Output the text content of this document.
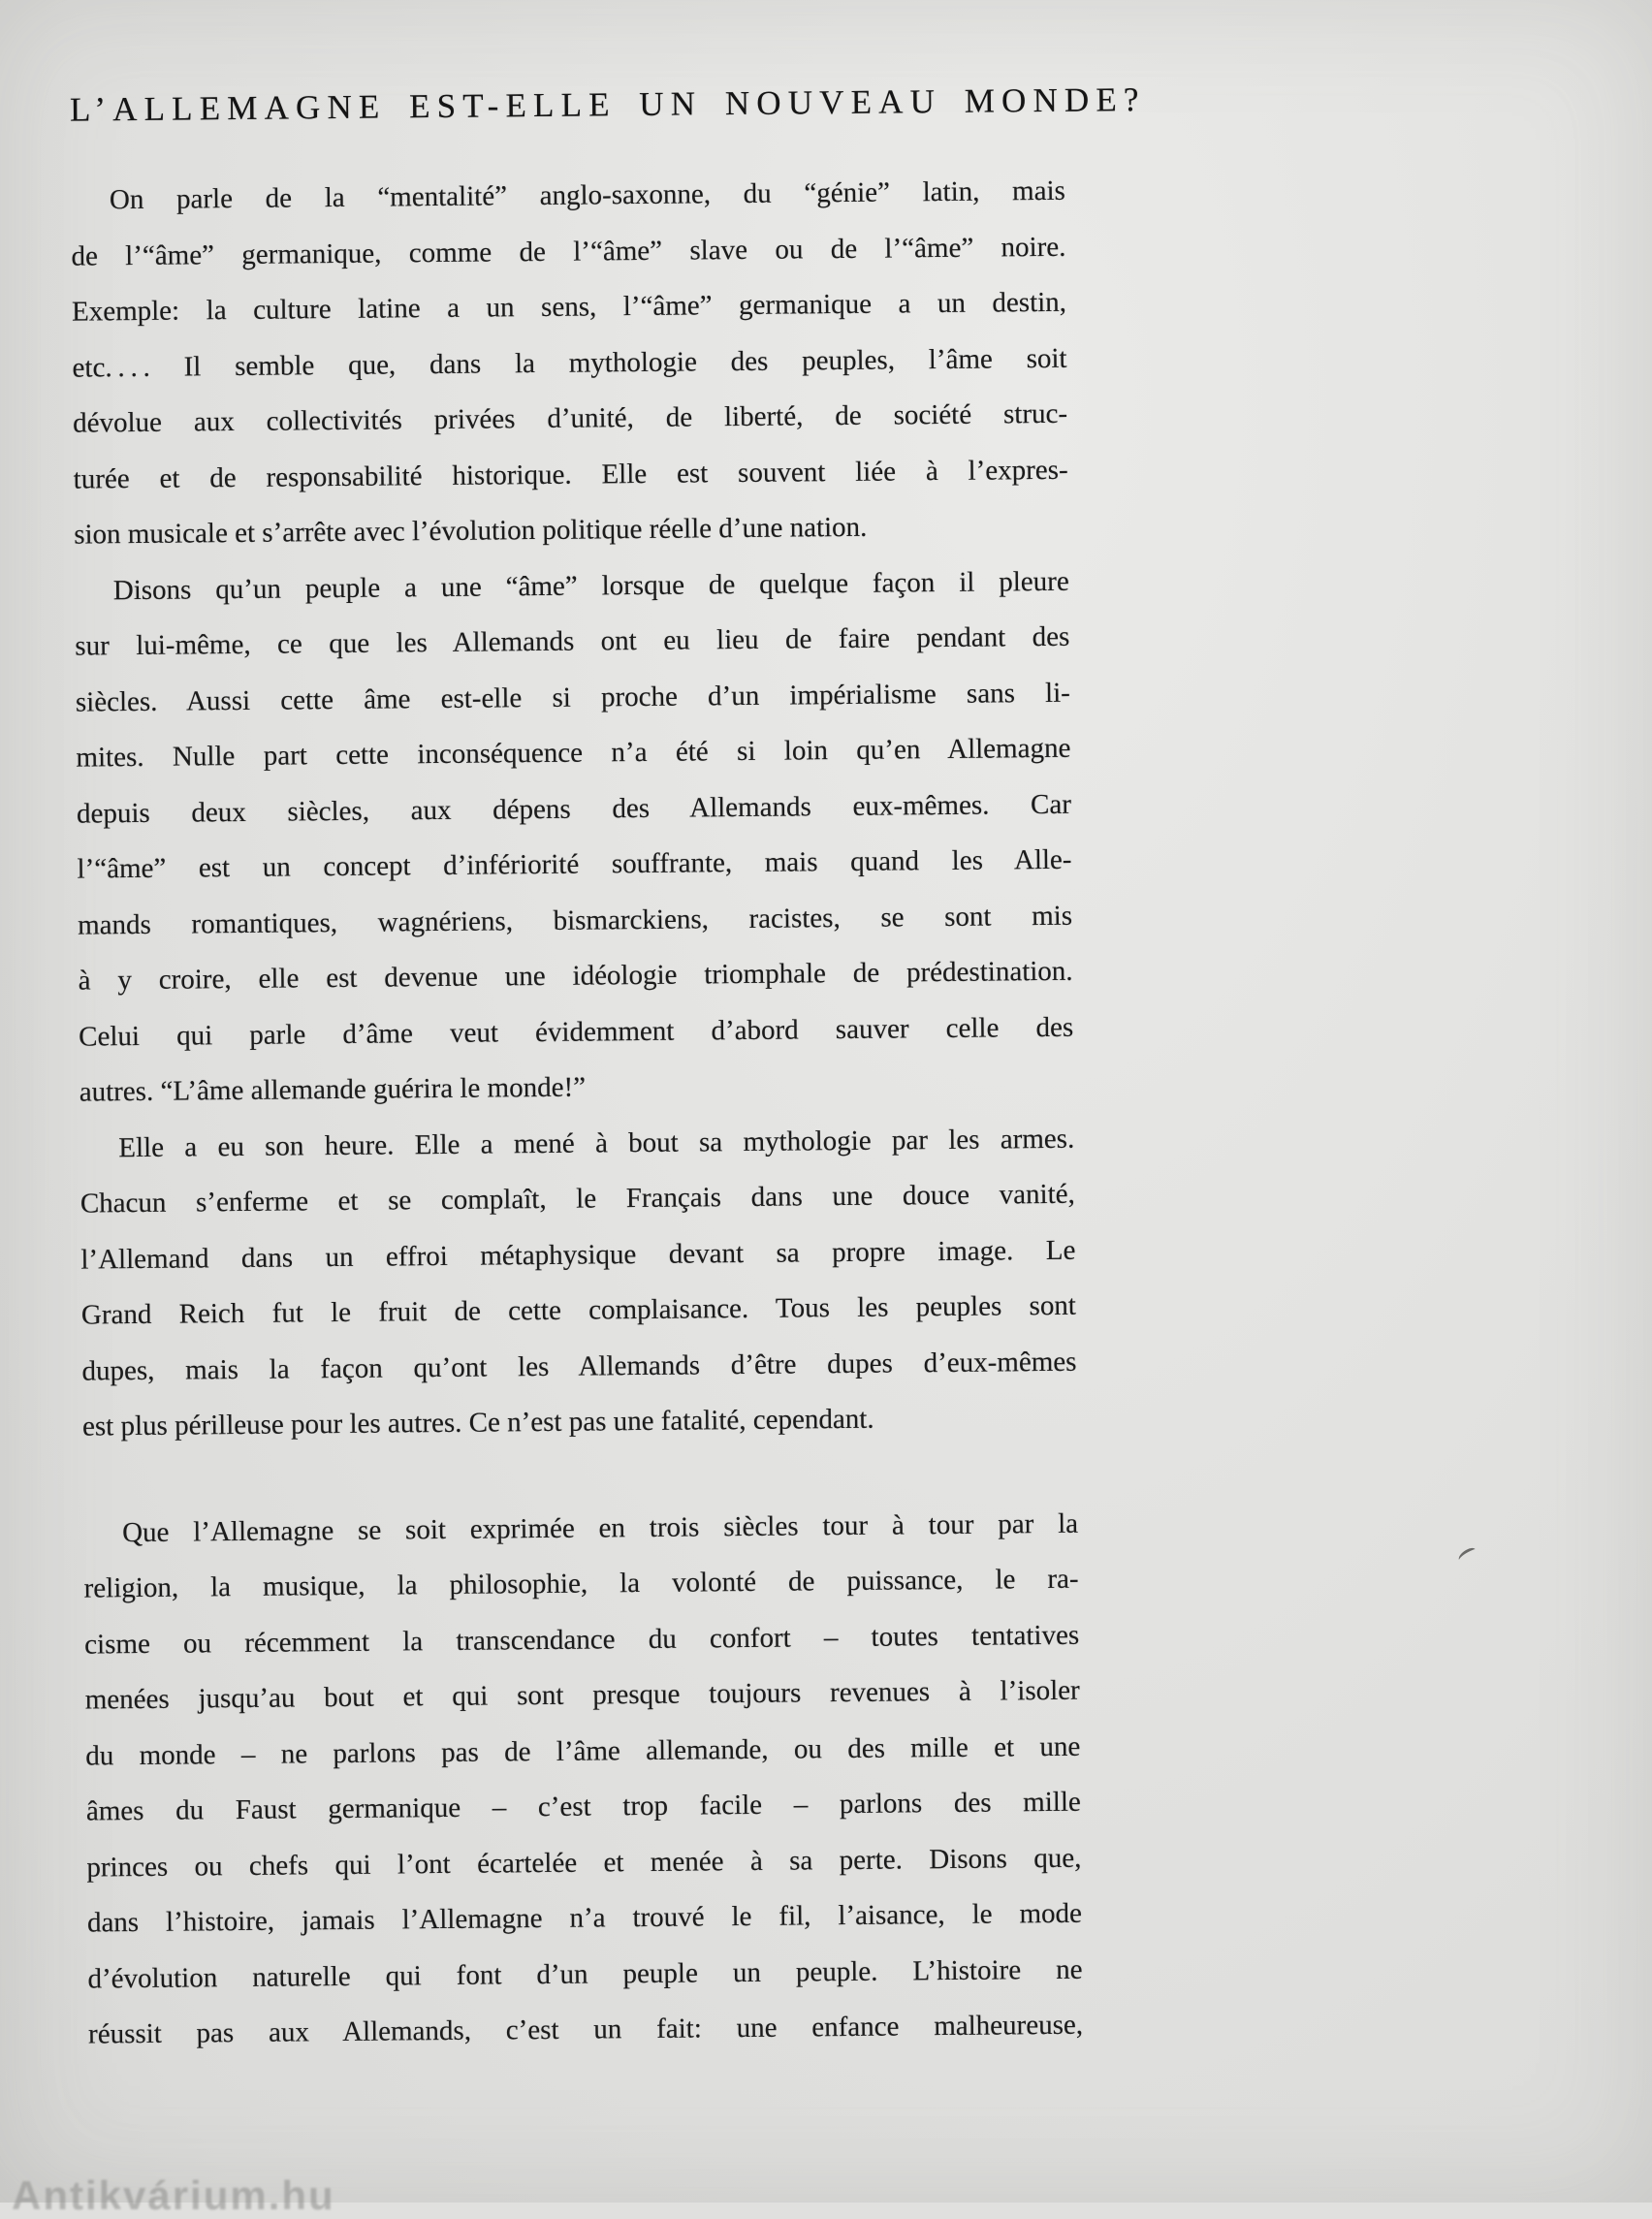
L’ALLEMAGNE EST-ELLE UN NOUVEAU MONDE?
On parle de la “mentalité” anglo-saxonne, du “génie” latin, mais
de l’“âme” germanique, comme de l’“âme” slave ou de l’“âme” noire.
Exemple: la culture latine a un sens, l’“âme” germanique a un destin,
etc. . . . Il semble que, dans la mythologie des peuples, l’âme soit
dévolue aux collectivités privées d’unité, de liberté, de société struc-
turée et de responsabilité historique. Elle est souvent liée à l’expres-
sion musicale et s’arrête avec l’évolution politique réelle d’une nation.
Disons qu’un peuple a une “âme” lorsque de quelque façon il pleure
sur lui-même, ce que les Allemands ont eu lieu de faire pendant des
siècles. Aussi cette âme est-elle si proche d’un impérialisme sans li-
mites. Nulle part cette inconséquence n’a été si loin qu’en Allemagne
depuis deux siècles, aux dépens des Allemands eux-mêmes. Car
l’“âme” est un concept d’infériorité souffrante, mais quand les Alle-
mands romantiques, wagnériens, bismarckiens, racistes, se sont mis
à y croire, elle est devenue une idéologie triomphale de prédestination.
Celui qui parle d’âme veut évidemment d’abord sauver celle des
autres. “L’âme allemande guérira le monde!”
Elle a eu son heure. Elle a mené à bout sa mythologie par les armes.
Chacun s’enferme et se complaît, le Français dans une douce vanité,
l’Allemand dans un effroi métaphysique devant sa propre image. Le
Grand Reich fut le fruit de cette complaisance. Tous les peuples sont
dupes, mais la façon qu’ont les Allemands d’être dupes d’eux-mêmes
est plus périlleuse pour les autres. Ce n’est pas une fatalité, cependant.
Que l’Allemagne se soit exprimée en trois siècles tour à tour par la
religion, la musique, la philosophie, la volonté de puissance, le ra-
cisme ou récemment la transcendance du confort – toutes tentatives
menées jusqu’au bout et qui sont presque toujours revenues à l’isoler
du monde – ne parlons pas de l’âme allemande, ou des mille et une
âmes du Faust germanique – c’est trop facile – parlons des mille
princes ou chefs qui l’ont écartelée et menée à sa perte. Disons que,
dans l’histoire, jamais l’Allemagne n’a trouvé le fil, l’aisance, le mode
d’évolution naturelle qui font d’un peuple un peuple. L’histoire ne
réussit pas aux Allemands, c’est un fait: une enfance malheureuse,
Antikvárium.hu
